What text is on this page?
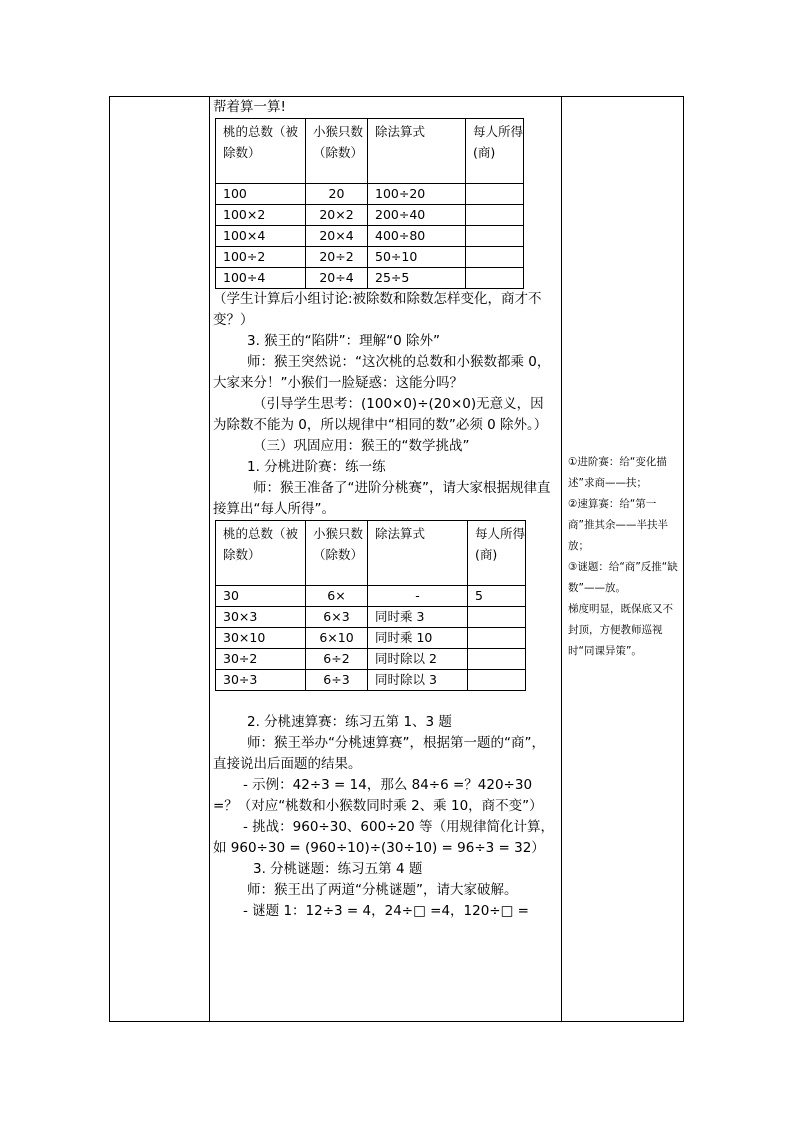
帮着算一算!

桃的总数（被除数）	小猴只数（除数）	除法算式	每人所得(商)
100	20	100÷20	
100×2	20×2	200÷40	
100×4	20×4	400÷80	
100÷2	20÷2	50÷10	
100÷4	20÷4	25÷5	

（学生计算后小组讨论:被除数和除数怎样变化，商才不变？）

3. 猴王的“陷阱”：理解“0 除外”

师：猴王突然说：“这次桃的总数和小猴数都乘 0，大家来分！”小猴们一脸疑惑：这能分吗？

（引导学生思考：(100×0)÷(20×0)无意义，因为除数不能为 0，所以规律中“相同的数”必须 0 除外。）

（三）巩固应用：猴王的“数学挑战”

1. 分桃进阶赛：练一练

师：猴王准备了“进阶分桃赛”，请大家根据规律直接算出“每人所得”。

桃的总数（被除数）	小猴只数（除数）	除法算式	每人所得(商)
30	6×	-	5
30×3	6×3	同时乘 3	
30×10	6×10	同时乘 10	
30÷2	6÷2	同时除以 2	
30÷3	6÷3	同时除以 3	

2. 分桃速算赛：练习五第 1、3 题

师：猴王举办“分桃速算赛”，根据第一题的“商”，直接说出后面题的结果。

- 示例：42÷3 = 14，那么 84÷6 =？420÷30 =？（对应“桃数和小猴数同时乘 2、乘 10，商不变”）

- 挑战：960÷30、600÷20 等（用规律简化计算，如 960÷30 = (960÷10)÷(30÷10) = 96÷3 = 32）

3. 分桃谜题：练习五第 4 题

师：猴王出了两道“分桃谜题”，请大家破解。

- 谜题 1：12÷3 = 4，24÷□ =4，120÷□ =

①进阶赛：给“变化描述”求商——扶；
②速算赛：给“第一商”推其余——半扶半放；
③谜题：给“商”反推“缺数”——放。
梯度明显，既保底又不封顶，方便教师巡视时“同课异策”。
